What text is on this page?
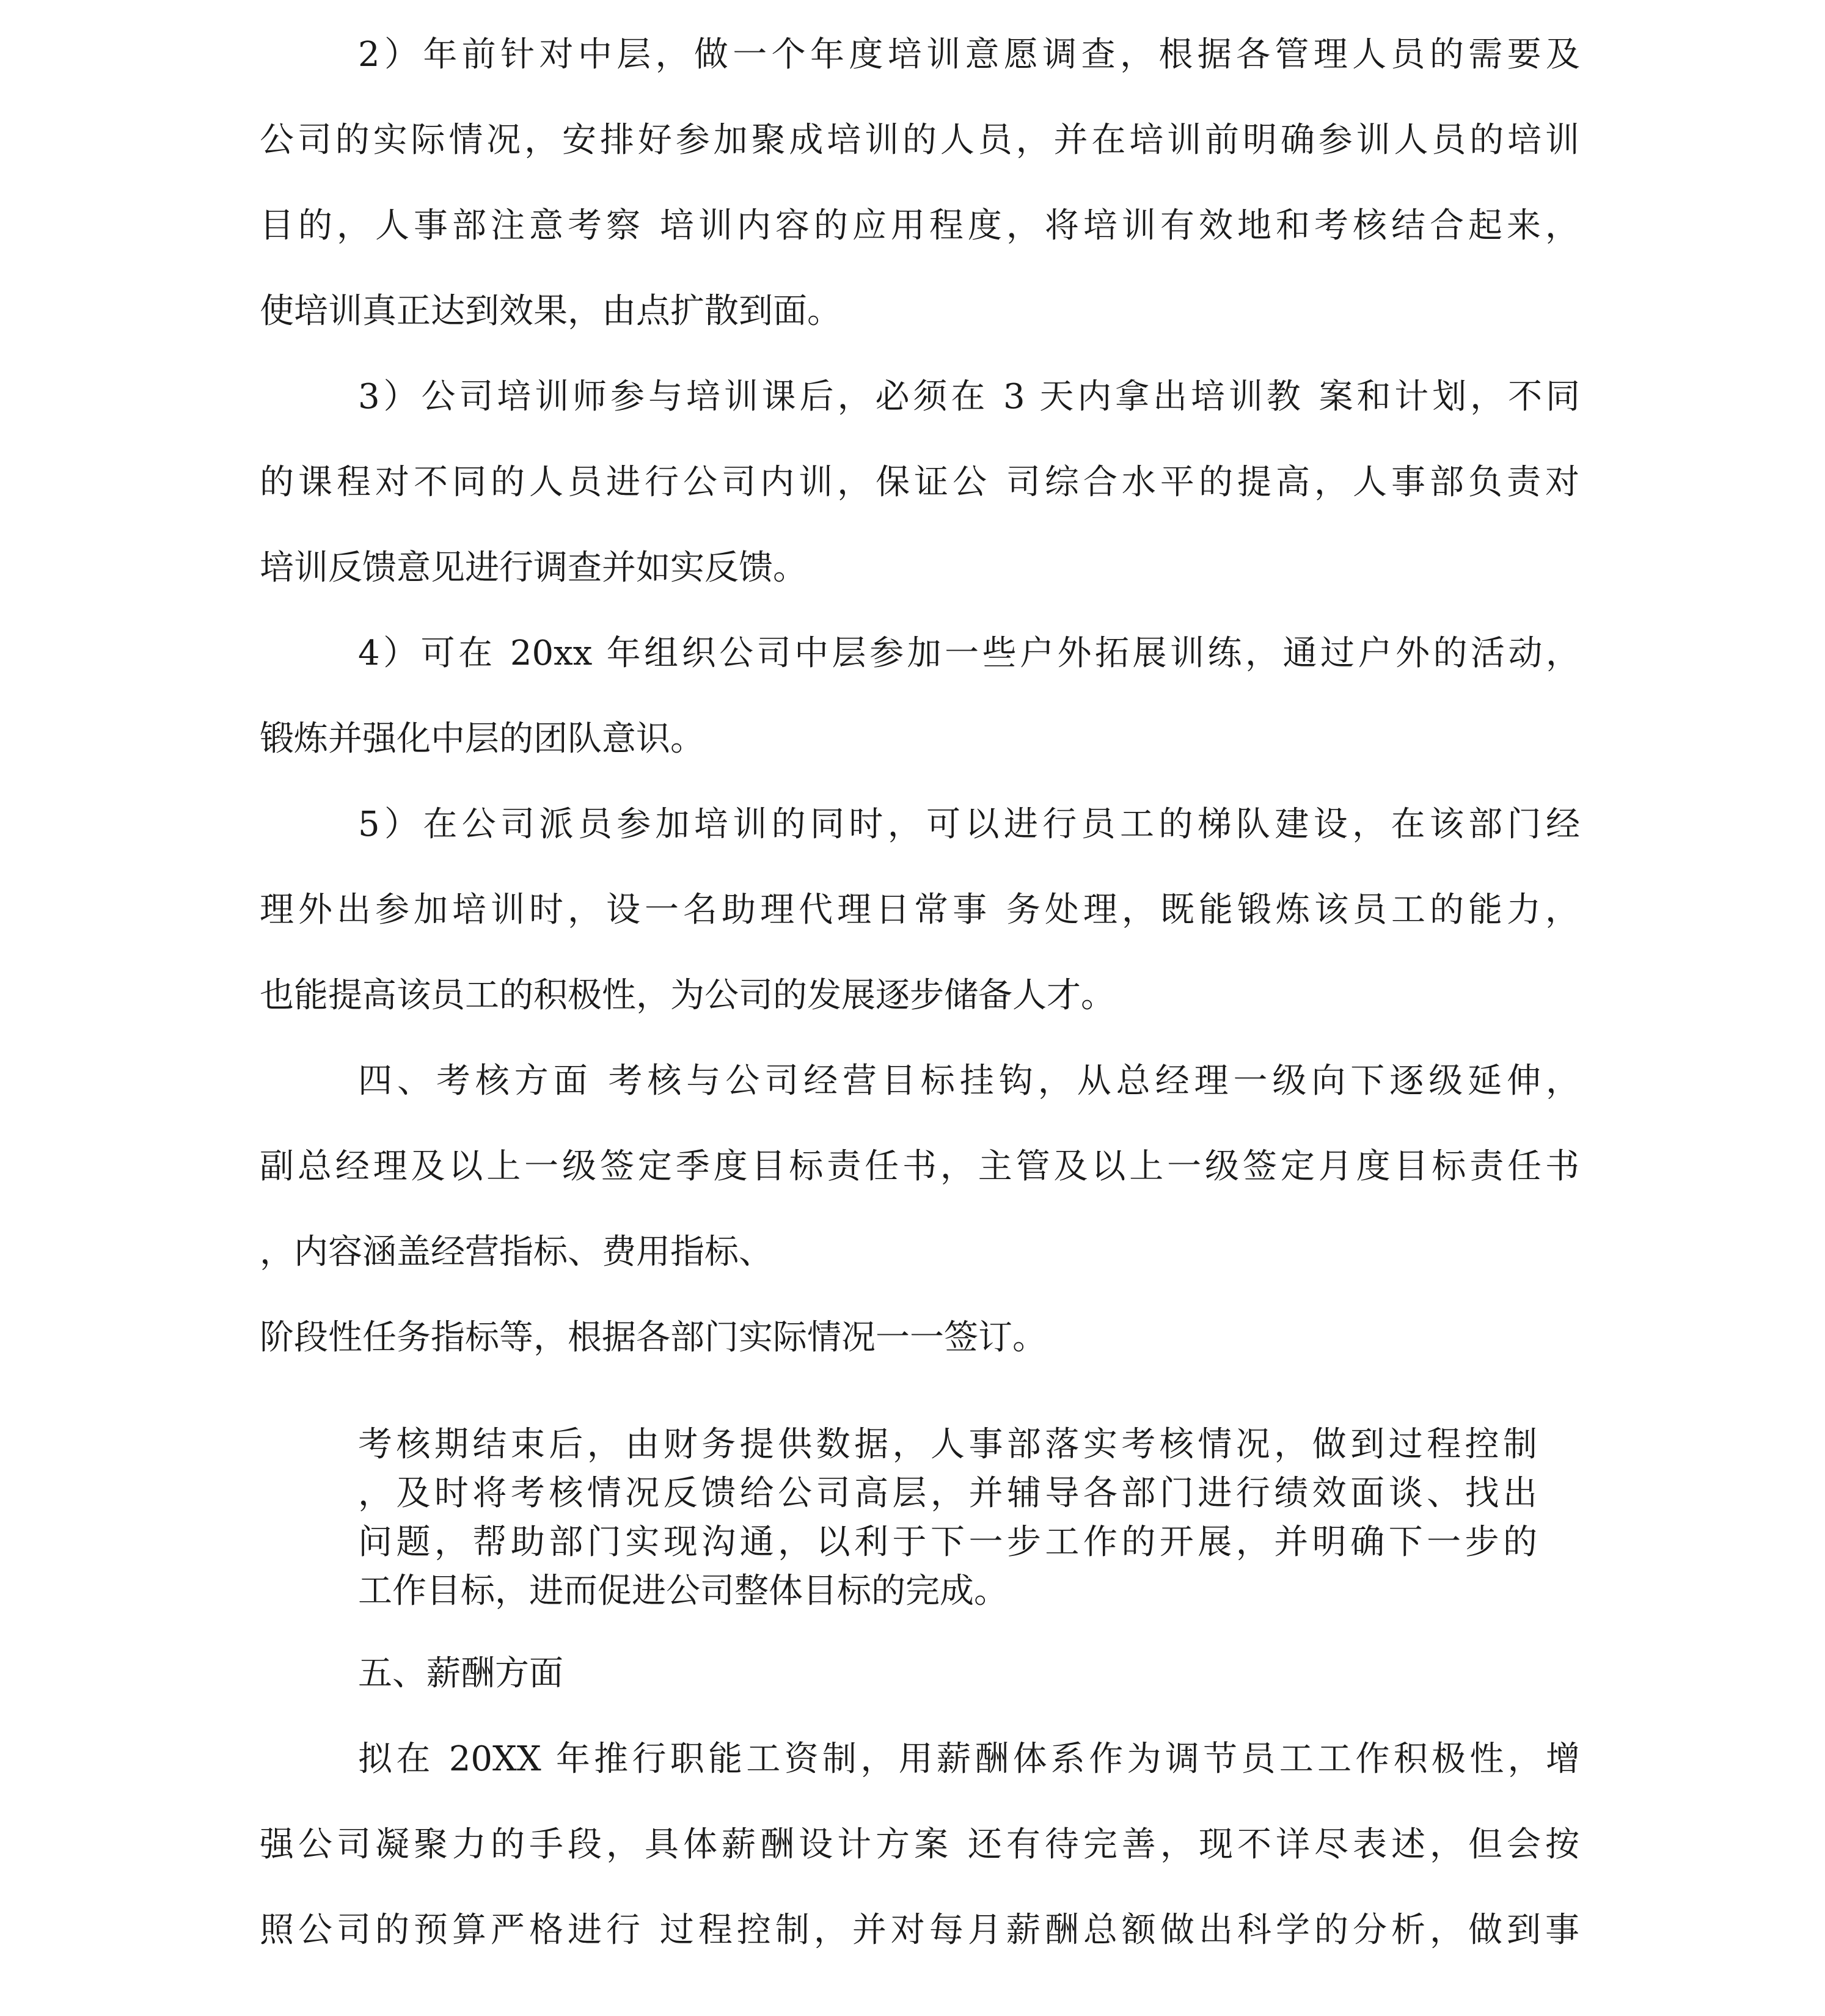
2）年前针对中层，做一个年度培训意愿调查，根据各管理人员的需要及
公司的实际情况，安排好参加聚成培训的人员，并在培训前明确参训人员的培训
目的，人事部注意考察 培训内容的应用程度，将培训有效地和考核结合起来，
使培训真正达到效果，由点扩散到面。
3）公司培训师参与培训课后，必须在 3 天内拿出培训教 案和计划，不同
的课程对不同的人员进行公司内训，保证公 司综合水平的提高，人事部负责对
培训反馈意见进行调查并如实反馈。
4）可在 20xx 年组织公司中层参加一些户外拓展训练，通过户外的活动，
锻炼并强化中层的团队意识。
5）在公司派员参加培训的同时，可以进行员工的梯队建设，在该部门经
理外出参加培训时，设一名助理代理日常事 务处理，既能锻炼该员工的能力，
也能提高该员工的积极性，为公司的发展逐步储备人才。
四、考核方面 考核与公司经营目标挂钩，从总经理一级向下逐级延伸，
副总经理及以上一级签定季度目标责任书，主管及以上一级签定月度目标责任书
，内容涵盖经营指标、费用指标、
阶段性任务指标等，根据各部门实际情况一一签订。
考核期结束后，由财务提供数据，人事部落实考核情况，做到过程控制
，及时将考核情况反馈给公司高层，并辅导各部门进行绩效面谈、找出
问题，帮助部门实现沟通，以利于下一步工作的开展，并明确下一步的
工作目标，进而促进公司整体目标的完成。
五、薪酬方面
拟在 20XX 年推行职能工资制，用薪酬体系作为调节员工工作积极性，增
强公司凝聚力的手段，具体薪酬设计方案 还有待完善，现不详尽表述，但会按
照公司的预算严格进行 过程控制，并对每月薪酬总额做出科学的分析，做到事
